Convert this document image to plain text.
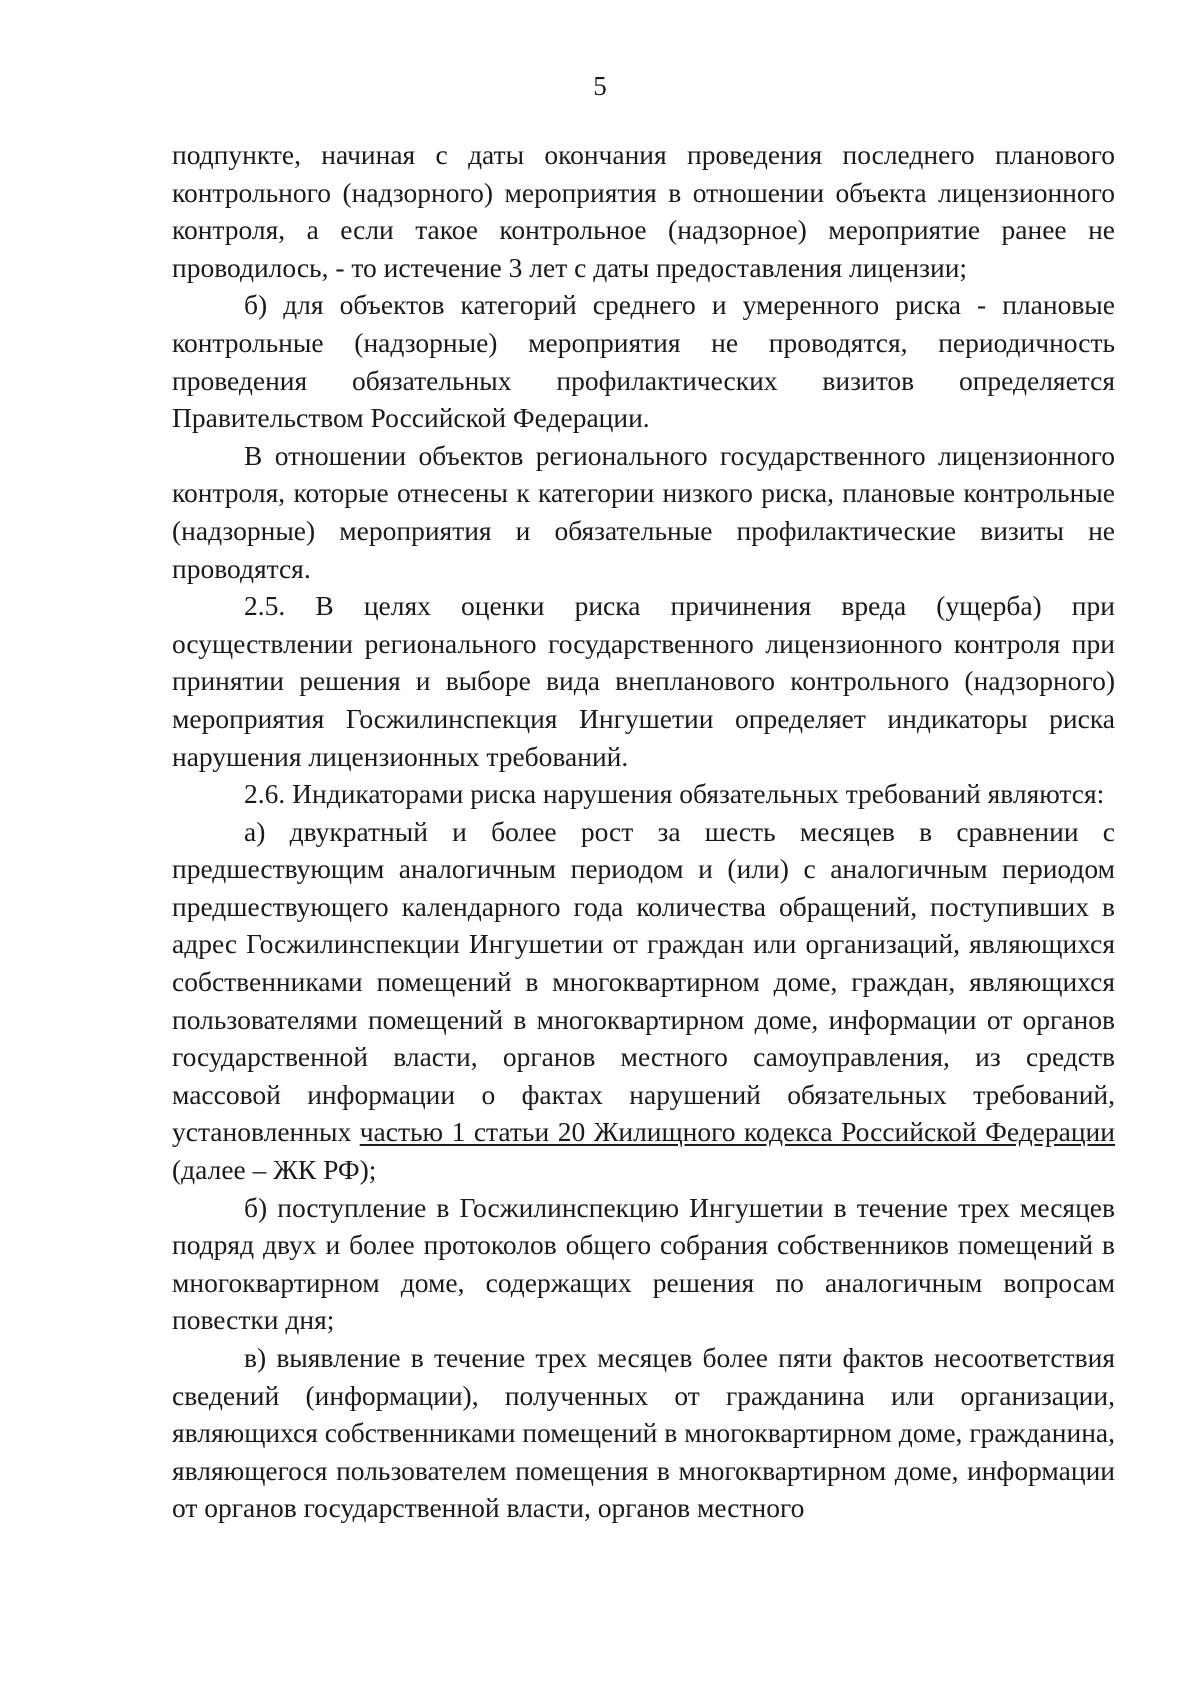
5

подпункте, начиная с даты окончания проведения последнего планового контрольного (надзорного) мероприятия в отношении объекта лицензионного контроля, а если такое контрольное (надзорное) мероприятие ранее не проводилось, - то истечение 3 лет с даты предоставления лицензии;

б) для объектов категорий среднего и умеренного риска - плановые контрольные (надзорные) мероприятия не проводятся, периодичность проведения обязательных профилактических визитов определяется Правительством Российской Федерации.

В отношении объектов регионального государственного лицензионного контроля, которые отнесены к категории низкого риска, плановые контрольные (надзорные) мероприятия и обязательные профилактические визиты не проводятся.

2.5. В целях оценки риска причинения вреда (ущерба) при осуществлении регионального государственного лицензионного контроля при принятии решения и выборе вида внепланового контрольного (надзорного) мероприятия Госжилинспекция Ингушетии определяет индикаторы риска нарушения лицензионных требований.

2.6. Индикаторами риска нарушения обязательных требований являются:

а) двукратный и более рост за шесть месяцев в сравнении с предшествующим аналогичным периодом и (или) с аналогичным периодом предшествующего календарного года количества обращений, поступивших в адрес Госжилинспекции Ингушетии от граждан или организаций, являющихся собственниками помещений в многоквартирном доме, граждан, являющихся пользователями помещений в многоквартирном доме, информации от органов государственной власти, органов местного самоуправления, из средств массовой информации о фактах нарушений обязательных требований, установленных частью 1 статьи 20 Жилищного кодекса Российской Федерации (далее – ЖК РФ);

б) поступление в Госжилинспекцию Ингушетии в течение трех месяцев подряд двух и более протоколов общего собрания собственников помещений в многоквартирном доме, содержащих решения по аналогичным вопросам повестки дня;

в) выявление в течение трех месяцев более пяти фактов несоответствия сведений (информации), полученных от гражданина или организации, являющихся собственниками помещений в многоквартирном доме, гражданина, являющегося пользователем помещения в многоквартирном доме, информации от органов государственной власти, органов местного
